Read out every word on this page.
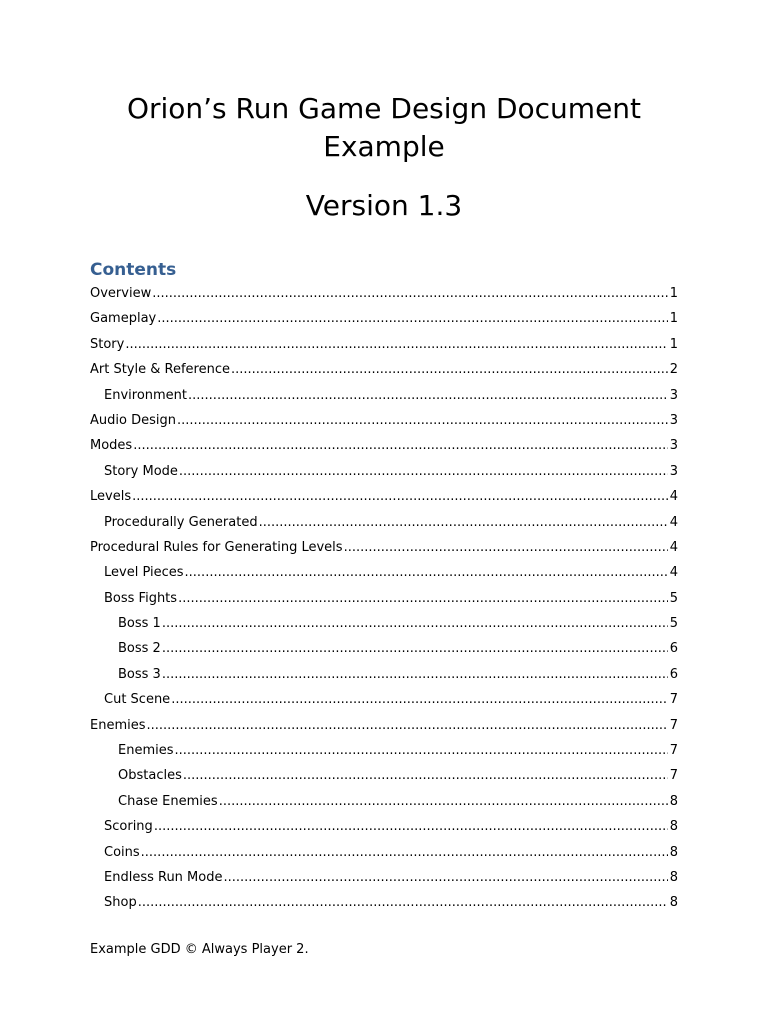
Orion’s Run Game Design Document Example
Version 1.3
Contents
Overview .....	1
Gameplay .....	1
Story .....	1
Art Style & Reference .....	2
Environment .....	3
Audio Design .....	3
Modes .....	3
Story Mode .....	3
Levels .....	4
Procedurally Generated .....	4
Procedural Rules for Generating Levels .....	4
Level Pieces .....	4
Boss Fights .....	5
Boss 1 .....	5
Boss 2 .....	6
Boss 3 .....	6
Cut Scene .....	7
Enemies .....	7
Enemies .....	7
Obstacles .....	7
Chase Enemies .....	8
Scoring .....	8
Coins .....	8
Endless Run Mode .....	8
Shop .....	8

Example GDD © Always Player 2.
